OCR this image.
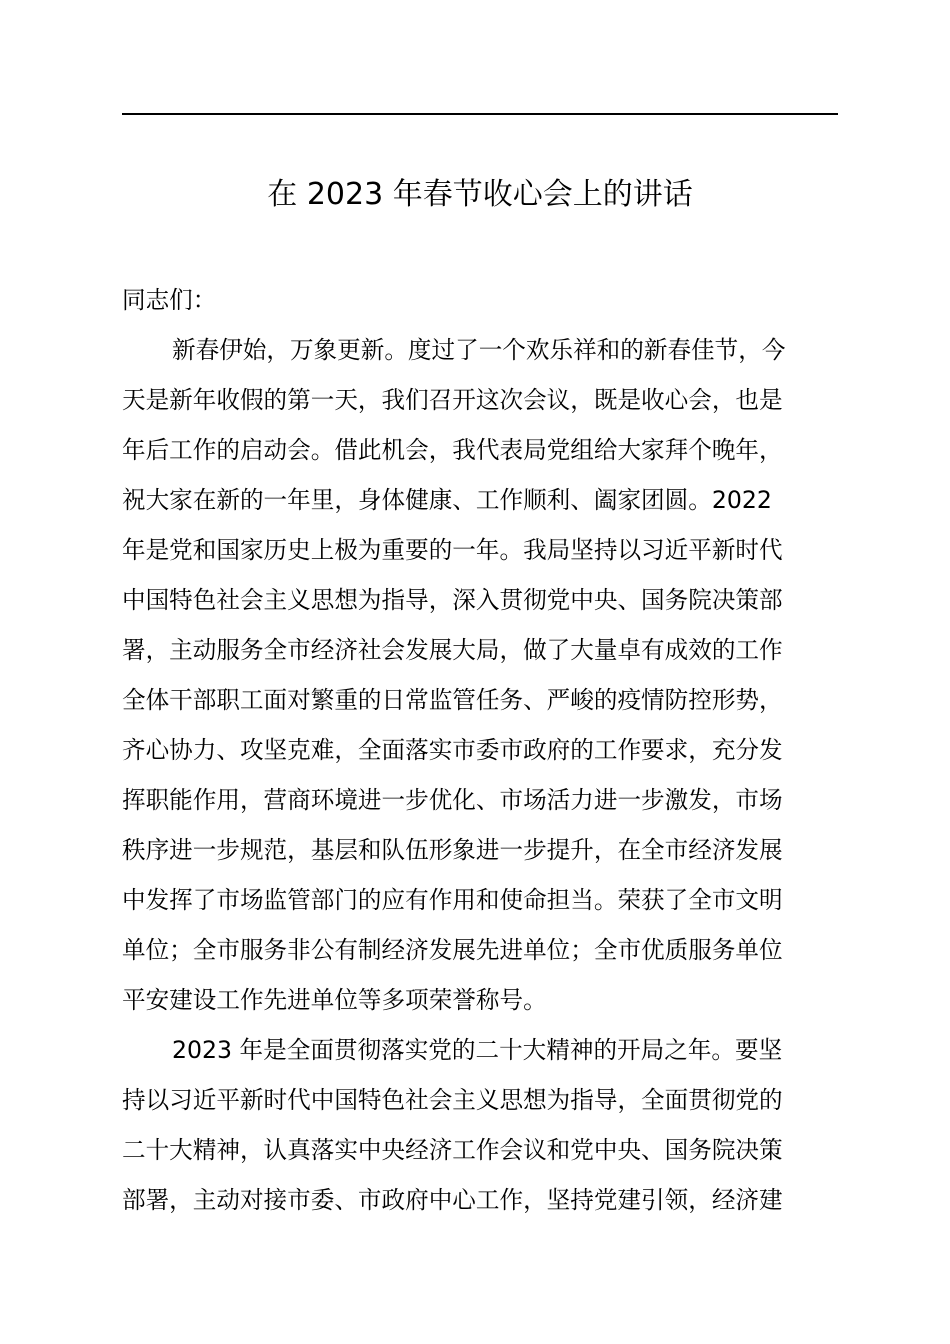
在 2023 年春节收心会上的讲话
同志们：
新春伊始，万象更新。度过了一个欢乐祥和的新春佳节，今
天是新年收假的第一天，我们召开这次会议，既是收心会，也是
年后工作的启动会。借此机会，我代表局党组给大家拜个晚年，
祝大家在新的一年里，身体健康、工作顺利、阖家团圆。2022
年是党和国家历史上极为重要的一年。我局坚持以习近平新时代
中国特色社会主义思想为指导，深入贯彻党中央、国务院决策部
署，主动服务全市经济社会发展大局，做了大量卓有成效的工作
全体干部职工面对繁重的日常监管任务、严峻的疫情防控形势，
齐心协力、攻坚克难，全面落实市委市政府的工作要求，充分发
挥职能作用，营商环境进一步优化、市场活力进一步激发，市场
秩序进一步规范，基层和队伍形象进一步提升，在全市经济发展
中发挥了市场监管部门的应有作用和使命担当。荣获了全市文明
单位；全市服务非公有制经济发展先进单位；全市优质服务单位
平安建设工作先进单位等多项荣誉称号。
2023 年是全面贯彻落实党的二十大精神的开局之年。要坚
持以习近平新时代中国特色社会主义思想为指导，全面贯彻党的
二十大精神，认真落实中央经济工作会议和党中央、国务院决策
部署，主动对接市委、市政府中心工作，坚持党建引领，经济建
